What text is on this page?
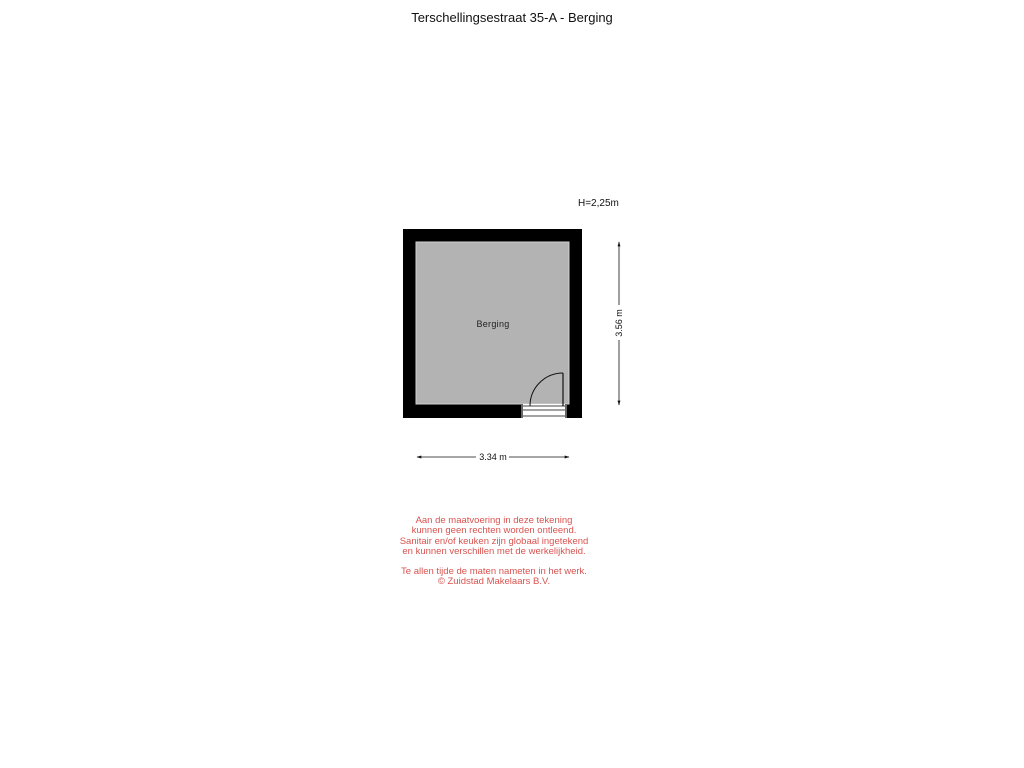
Terschellingsestraat 35-A - Berging
H=2,25m
Berging
3.34 m
3.56 m

Aan de maatvoering in deze tekening

kunnen geen rechten worden ontleend.

Sanitair en/of keuken zijn globaal ingetekend

en kunnen verschillen met de werkelijkheid.

Te allen tijde de maten nameten in het werk.

© Zuidstad Makelaars B.V.
